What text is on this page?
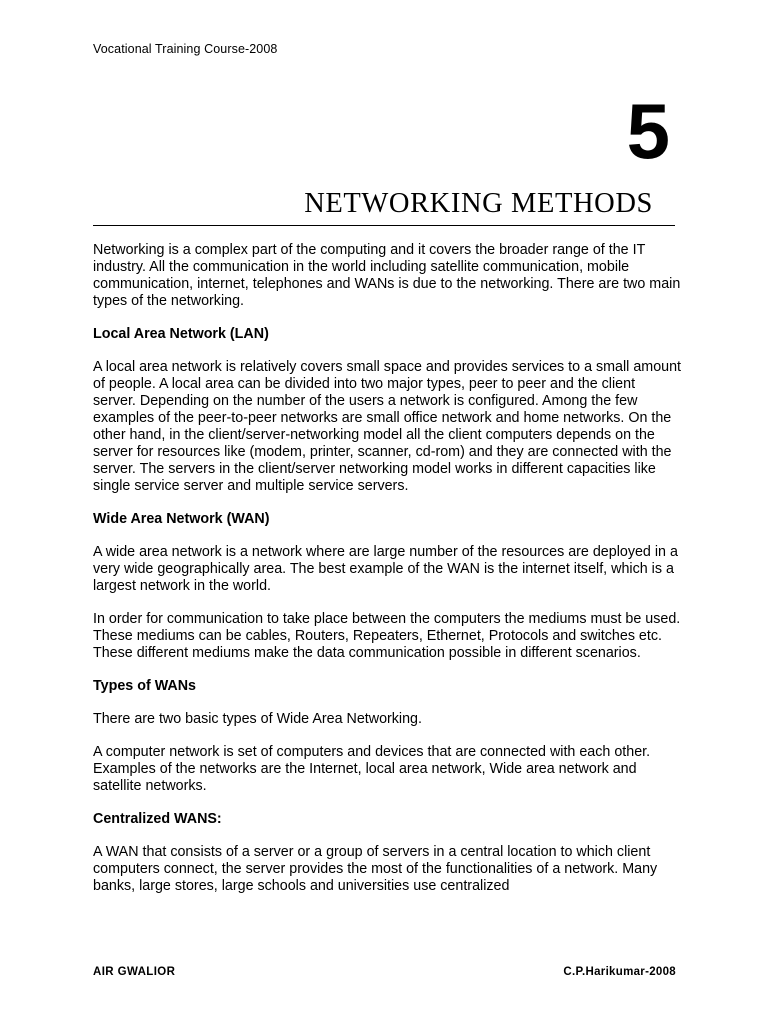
Vocational Training Course-2008
5
NETWORKING METHODS

Networking is a complex part of the computing and it covers the broader range of the IT industry. All the communication in the world including satellite communication, mobile communication, internet, telephones and WANs is due to the networking. There are two main types of the networking.

Local Area Network (LAN)

A local area network is relatively covers small space and provides services to a small amount of people. A local area can be divided into two major types, peer to peer and the client server. Depending on the number of the users a network is configured. Among the few examples of the peer-to-peer networks are small office network and home networks. On the other hand, in the client/server-networking model all the client computers depends on the server for resources like (modem, printer, scanner, cd-rom) and they are connected with the server. The servers in the client/server networking model works in different capacities like single service server and multiple service servers.

Wide Area Network (WAN)

A wide area network is a network where are large number of the resources are deployed in a very wide geographically area. The best example of the WAN is the internet itself, which is a largest network in the world.

In order for communication to take place between the computers the mediums must be used. These mediums can be cables, Routers, Repeaters, Ethernet, Protocols and switches etc. These different mediums make the data communication possible in different scenarios.

Types of WANs

There are two basic types of Wide Area Networking.

A computer network is set of computers and devices that are connected with each other. Examples of the networks are the Internet, local area network, Wide area network and satellite networks.

Centralized WANS:

A WAN that consists of a server or a group of servers in a central location to which client computers connect, the server provides the most of the functionalities of a network. Many banks, large stores, large schools and universities use centralized

AIR GWALIOR	C.P.Harikumar-2008
